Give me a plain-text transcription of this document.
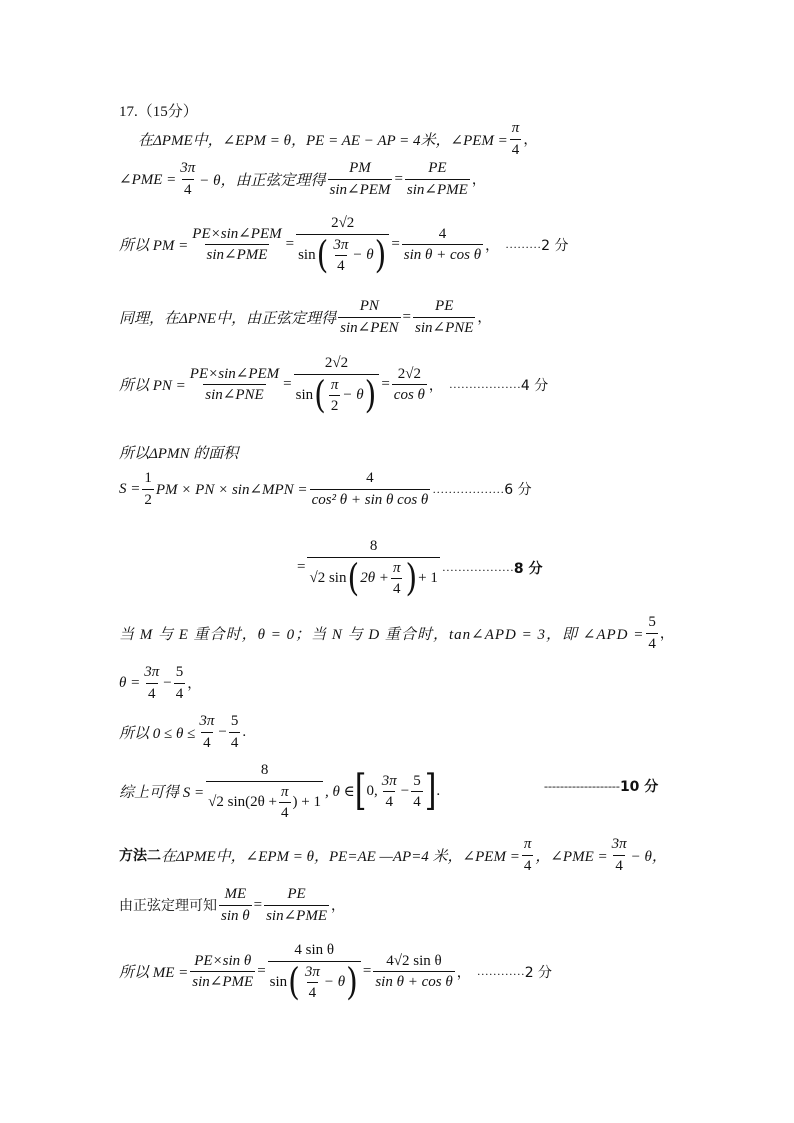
17.（15分）
在ΔPME中，∠EPM = θ，PE = AE − AP = 4米，∠PEM = $\frac{\pi}{4}$ ，
∠PME = $\frac{3\pi}{4} - \theta$，由正弦定理得 $\frac{PM}{\text{sin∠PEM}} = \frac{PE}{\text{sin∠PME}}$ ，
所以 PM = $\frac{\text{PE×sin∠PEM}}{\text{sin∠PME}}$ =
2√2
sin ( $\frac{3\pi}{4} - \theta$ ) = $\frac{4}{\text{sin θ + cos θ}}$ ， ……… 2 分
同理，在ΔPNE中，由正弦定理得 $\frac{PN}{\text{sin∠PEN}} = \frac{PE}{\text{sin∠PNE}}$ ，
所以 PN = $\frac{\text{PE×sin∠PEM}}{\text{sin∠PNE}}$ =
2√2
sin ( $\frac{\pi}{2} - \theta$ ) = $\frac{2√2}{\text{cos θ}}$ ， ……………… 4 分
所以ΔPMN 的面积
$S = \frac{1}{2}$ PM × PN × sin∠MPN = $\frac{4}{\text{cos² θ + sin θ cos θ}}$ ……………… 6 分
=
8
√2 sin ( $2\theta + \frac{\pi}{4}$ ) + 1
……………… 8 分
当 M 与 E 重合时，θ = 0；当 N 与 D 重合时，tan∠APD = 3，即 ∠APD = $\frac{5}{4}$ ，
$\theta = \frac{3\pi}{4} - \frac{5}{4}$ ，
所以 $0 \le \theta \le \frac{3\pi}{4} - \frac{5}{4}$ .
综上可得 $S = \frac{8}{√2 \sin(2\theta + \frac{\pi}{4} ) + 1}$ , θ ∈ [ 0, $\frac{3\pi}{4} - \frac{5}{4}$ ] .	------------------- 10 分
方法二 在ΔPME中，∠EPM = θ，PE=AE —AP=4 米，∠PEM = $\frac{\pi}{4}$ ，∠PME = $\frac{3\pi}{4} - \theta$，
由正弦定理可知 $\frac{ME}{\text{sin θ}} = \frac{PE}{\text{sin∠PME}}$ ，
所以 ME = $\frac{\text{PE×sin θ}}{\text{sin∠PME}}$ =
4 sin θ
sin ( $\frac{3\pi}{4} - \theta$ ) = $\frac{\text{4√2 sin θ}}{\text{sin θ + cos θ}}$ ， ………… 2 分
